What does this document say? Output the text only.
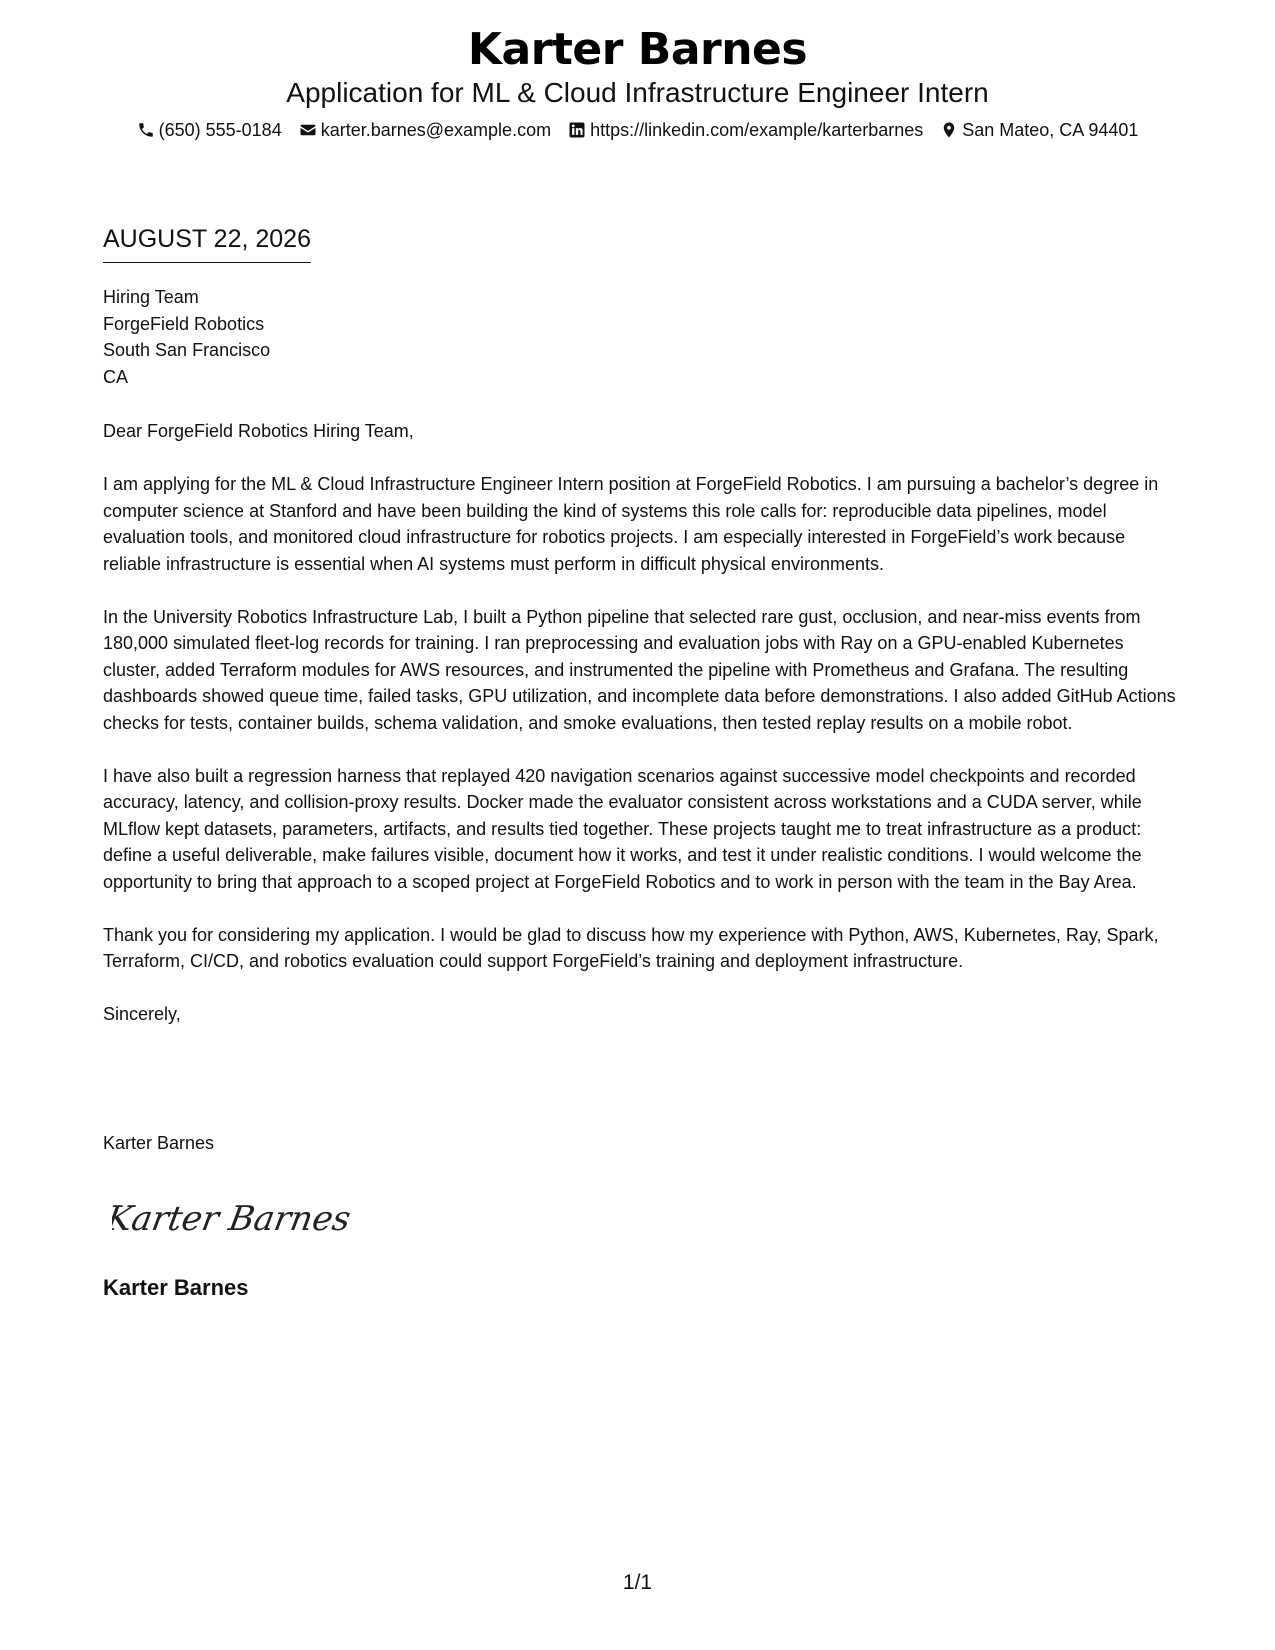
Karter Barnes
Application for ML & Cloud Infrastructure Engineer Intern
(650) 555-0184 karter.barnes@example.com https://linkedin.com/example/karterbarnes San Mateo, CA 94401
AUGUST 22, 2026
Hiring Team
ForgeField Robotics
South San Francisco
CA

Dear ForgeField Robotics Hiring Team,

I am applying for the ML & Cloud Infrastructure Engineer Intern position at ForgeField Robotics. I am pursuing a bachelor’s degree in computer science at Stanford and have been building the kind of systems this role calls for: reproducible data pipelines, model evaluation tools, and monitored cloud infrastructure for robotics projects. I am especially interested in ForgeField’s work because reliable infrastructure is essential when AI systems must perform in difficult physical environments.

In the University Robotics Infrastructure Lab, I built a Python pipeline that selected rare gust, occlusion, and near-miss events from 180,000 simulated fleet-log records for training. I ran preprocessing and evaluation jobs with Ray on a GPU-enabled Kubernetes cluster, added Terraform modules for AWS resources, and instrumented the pipeline with Prometheus and Grafana. The resulting dashboards showed queue time, failed tasks, GPU utilization, and incomplete data before demonstrations. I also added GitHub Actions checks for tests, container builds, schema validation, and smoke evaluations, then tested replay results on a mobile robot.

I have also built a regression harness that replayed 420 navigation scenarios against successive model checkpoints and recorded accuracy, latency, and collision-proxy results. Docker made the evaluator consistent across workstations and a CUDA server, while MLflow kept datasets, parameters, artifacts, and results tied together. These projects taught me to treat infrastructure as a product: define a useful deliverable, make failures visible, document how it works, and test it under realistic conditions. I would welcome the opportunity to bring that approach to a scoped project at ForgeField Robotics and to work in person with the team in the Bay Area.

Thank you for considering my application. I would be glad to discuss how my experience with Python, AWS, Kubernetes, Ray, Spark, Terraform, CI/CD, and robotics evaluation could support ForgeField’s training and deployment infrastructure.

Sincerely,

Karter Barnes
Karter Barnes
Karter Barnes
1/1
